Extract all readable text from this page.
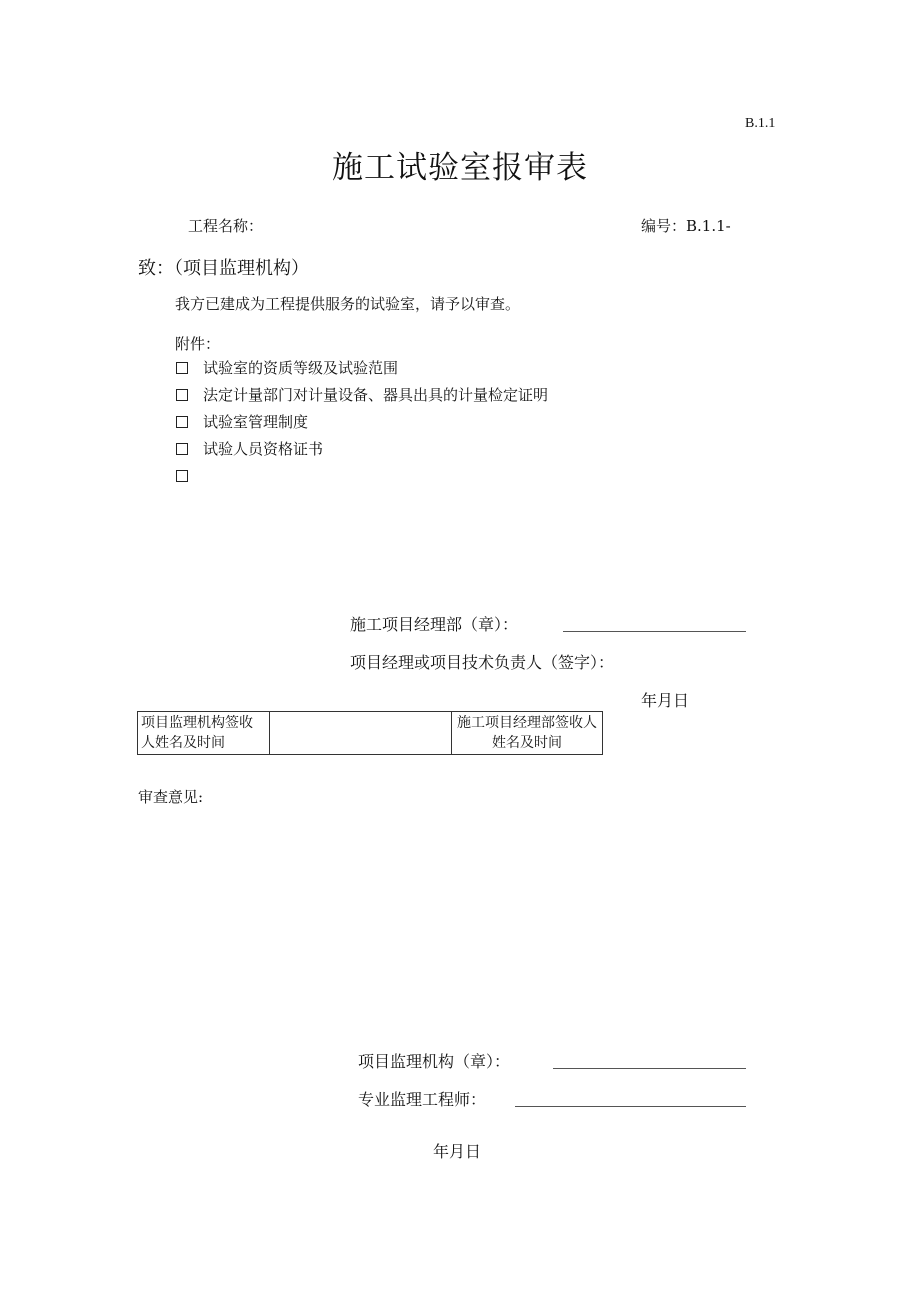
B.1.1
施工试验室报审表
工程名称：	编号：B.1.1-
致：（项目监理机构）
我方已建成为工程提供服务的试验室，请予以审查。
附件：
试验室的资质等级及试验范围
法定计量部门对计量设备、器具出具的计量检定证明
试验室管理制度
试验人员资格证书
施工项目经理部（章）：
项目经理或项目技术负责人（签字）：
年月日
项目监理机构签收人姓名及时间		施工项目经理部签收人姓名及时间
审查意见:
项目监理机构（章）：
专业监理工程师：
年月日
